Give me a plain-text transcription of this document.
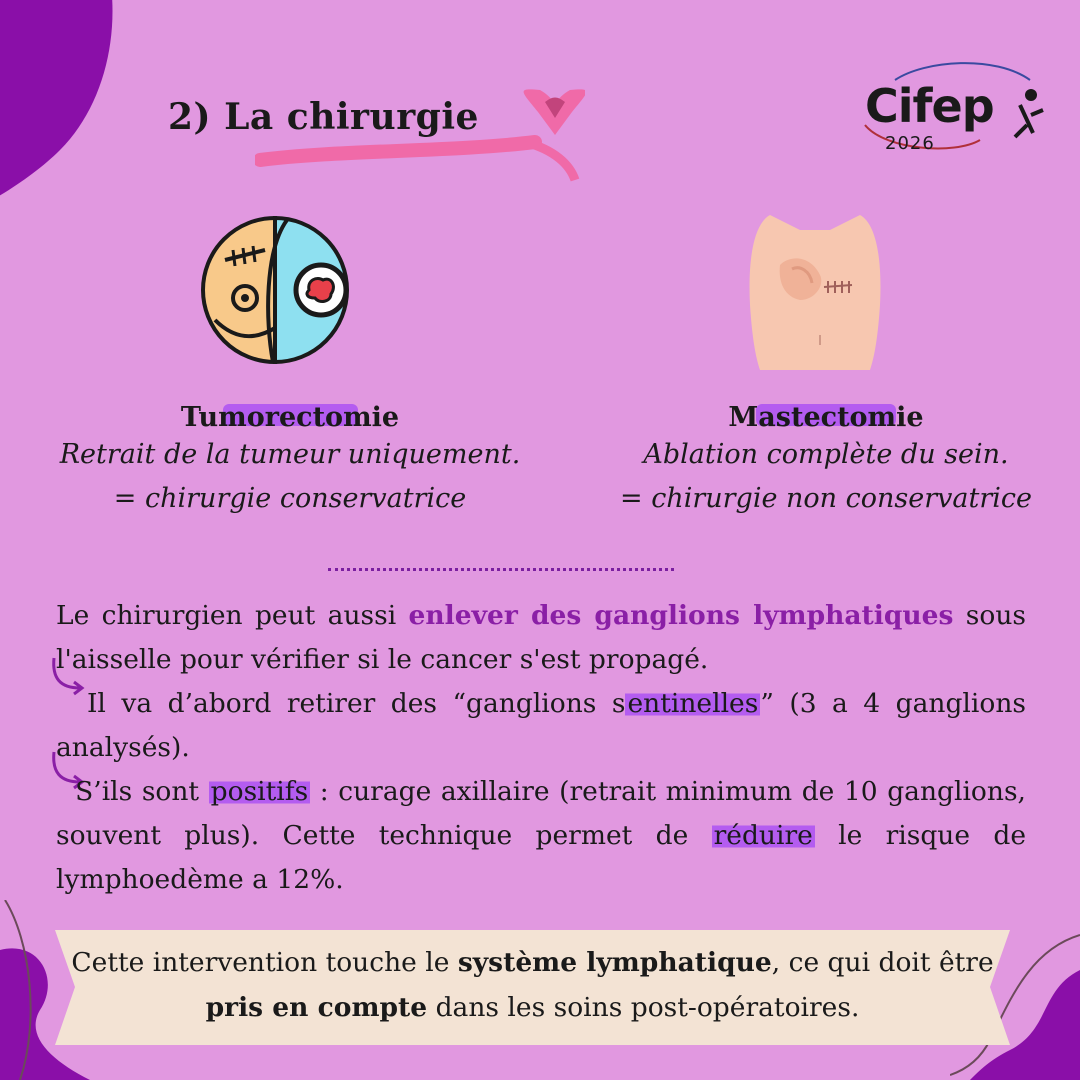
2) La chirurgie	Cifep
2026
Tumorectomie
Retrait de la tumeur uniquement.
= chirurgie conservatrice
Mastectomie
Ablation complète du sein.
= chirurgie non conservatrice
Le chirurgien peut aussi enlever des ganglions lymphatiques sous l'aisselle pour vérifier si le cancer s'est propagé.
Il va d’abord retirer des “ganglions sentinelles” (3 a 4 ganglions analysés).
S’ils sont positifs : curage axillaire (retrait minimum de 10 ganglions, souvent plus). Cette technique permet de réduire le risque de lymphoedème a 12%.
Cette intervention touche le système lymphatique, ce qui doit être pris en compte dans les soins post-opératoires.
